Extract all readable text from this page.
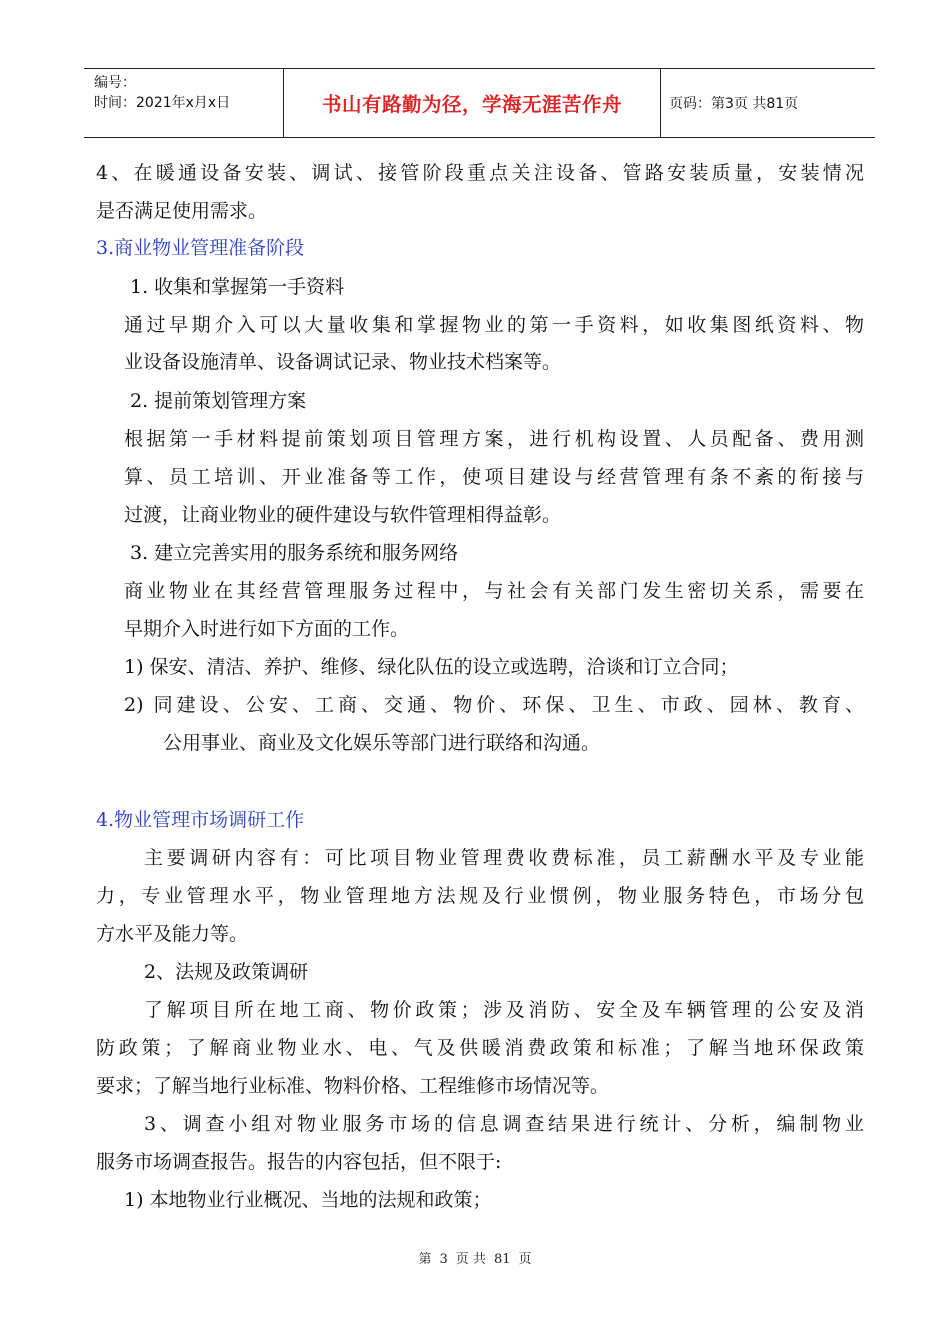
编号：
时间：2021年x月x日	书山有路勤为径，学海无涯苦作舟	页码：第3页 共81页
4、在暖通设备安装、调试、接管阶段重点关注设备、管路安装质量，安装情况
是否满足使用需求。
3.商业物业管理准备阶段
1. 收集和掌握第一手资料
通过早期介入可以大量收集和掌握物业的第一手资料，如收集图纸资料、物
业设备设施清单、设备调试记录、物业技术档案等。
2. 提前策划管理方案
根据第一手材料提前策划项目管理方案，进行机构设置、人员配备、费用测
算、员工培训、开业准备等工作，使项目建设与经营管理有条不紊的衔接与
过渡，让商业物业的硬件建设与软件管理相得益彰。
3. 建立完善实用的服务系统和服务网络
商业物业在其经营管理服务过程中，与社会有关部门发生密切关系，需要在
早期介入时进行如下方面的工作。
1) 保安、清洁、养护、维修、绿化队伍的设立或选聘，洽谈和订立合同；
2) 同建设、公安、工商、交通、物价、环保、卫生、市政、园林、教育、
公用事业、商业及文化娱乐等部门进行联络和沟通。
4.物业管理市场调研工作
主要调研内容有：可比项目物业管理费收费标准，员工薪酬水平及专业能
力，专业管理水平，物业管理地方法规及行业惯例，物业服务特色，市场分包
方水平及能力等。
2、法规及政策调研
了解项目所在地工商、物价政策；涉及消防、安全及车辆管理的公安及消
防政策；了解商业物业水、电、气及供暖消费政策和标准；了解当地环保政策
要求；了解当地行业标准、物料价格、工程维修市场情况等。
3、调查小组对物业服务市场的信息调查结果进行统计、分析，编制物业
服务市场调查报告。报告的内容包括，但不限于:
1) 本地物业行业概况、当地的法规和政策；
第 3 页 共 81 页
